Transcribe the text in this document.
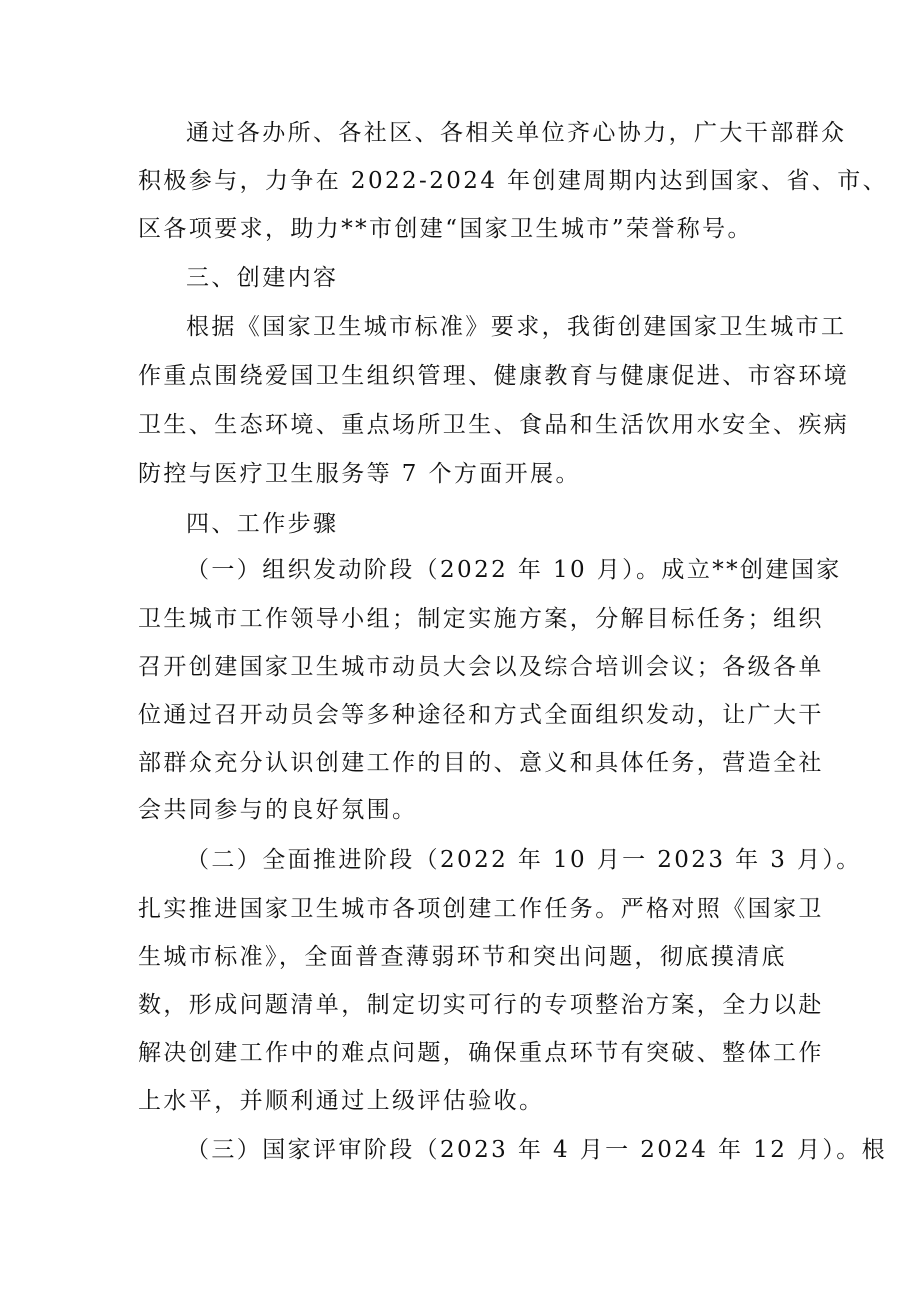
通过各办所、各社区、各相关单位齐心协力，广大干部群众
积极参与，力争在 2022-2024 年创建周期内达到国家、省、市、
区各项要求，助力**市创建“国家卫生城市”荣誉称号。
三、创建内容
根据《国家卫生城市标准》要求，我街创建国家卫生城市工
作重点围绕爱国卫生组织管理、健康教育与健康促进、市容环境
卫生、生态环境、重点场所卫生、食品和生活饮用水安全、疾病
防控与医疗卫生服务等 7 个方面开展。
四、工作步骤
（一）组织发动阶段（2022 年 10 月）。成立**创建国家
卫生城市工作领导小组；制定实施方案，分解目标任务；组织
召开创建国家卫生城市动员大会以及综合培训会议；各级各单
位通过召开动员会等多种途径和方式全面组织发动，让广大干
部群众充分认识创建工作的目的、意义和具体任务，营造全社
会共同参与的良好氛围。
（二）全面推进阶段（2022 年 10 月一 2023 年 3 月）。
扎实推进国家卫生城市各项创建工作任务。严格对照《国家卫
生城市标准》，全面普查薄弱环节和突出问题，彻底摸清底
数，形成问题清单，制定切实可行的专项整治方案，全力以赴
解决创建工作中的难点问题，确保重点环节有突破、整体工作
上水平，并顺利通过上级评估验收。
（三）国家评审阶段（2023 年 4 月一 2024 年 12 月）。根
